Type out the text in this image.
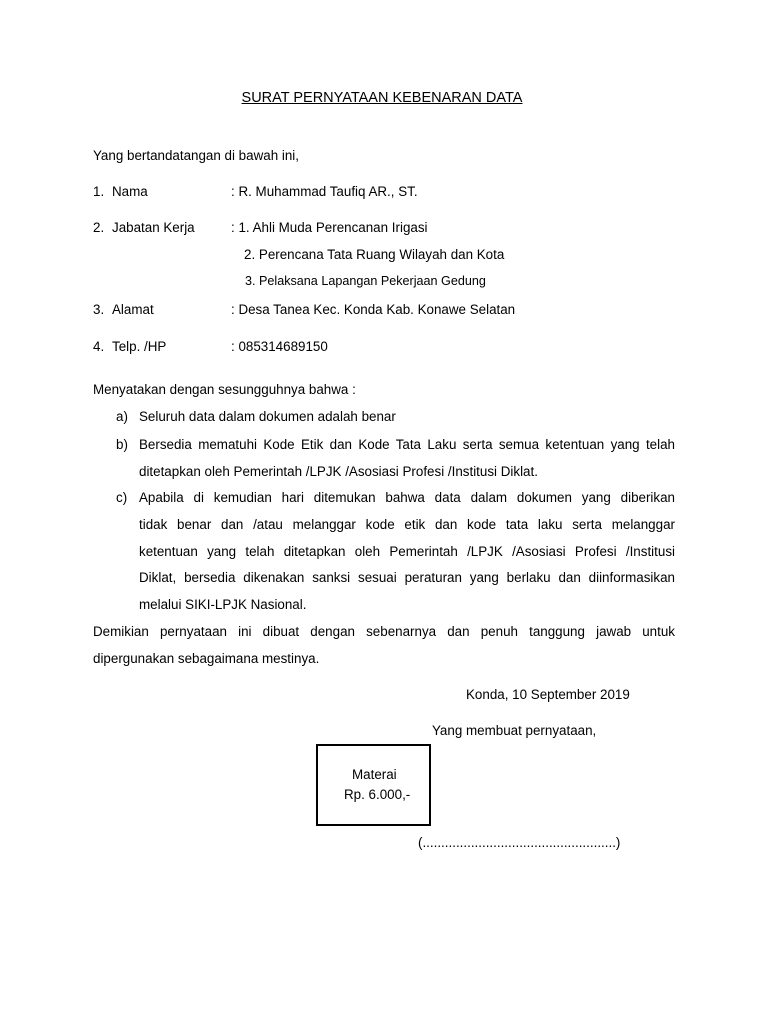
SURAT PERNYATAAN KEBENARAN DATA
Yang bertandatangan di bawah ini,
1. Nama	: R. Muhammad Taufiq AR., ST.
2. Jabatan Kerja	: 1. Ahli Muda Perencanan Irigasi
2. Perencana Tata Ruang Wilayah dan Kota
3. Pelaksana Lapangan Pekerjaan Gedung
3. Alamat	: Desa Tanea Kec. Konda Kab. Konawe Selatan
4. Telp. /HP	: 085314689150
Menyatakan dengan sesungguhnya bahwa :
a) Seluruh data dalam dokumen adalah benar
b) Bersedia mematuhi Kode Etik dan Kode Tata Laku serta semua ketentuan yang telah
ditetapkan oleh Pemerintah /LPJK /Asosiasi Profesi /Institusi Diklat.
c) Apabila di kemudian hari ditemukan bahwa data dalam dokumen yang diberikan
tidak benar dan /atau melanggar kode etik dan kode tata laku serta melanggar
ketentuan yang telah ditetapkan oleh Pemerintah /LPJK /Asosiasi Profesi /Institusi
Diklat, bersedia dikenakan sanksi sesuai peraturan yang berlaku dan diinformasikan
melalui SIKI-LPJK Nasional.
Demikian pernyataan ini dibuat dengan sebenarnya dan penuh tanggung jawab untuk
dipergunakan sebagaimana mestinya.
Konda, 10 September 2019
Yang membuat pernyataan,
Materai
Rp. 6.000,-
(....................................................)
